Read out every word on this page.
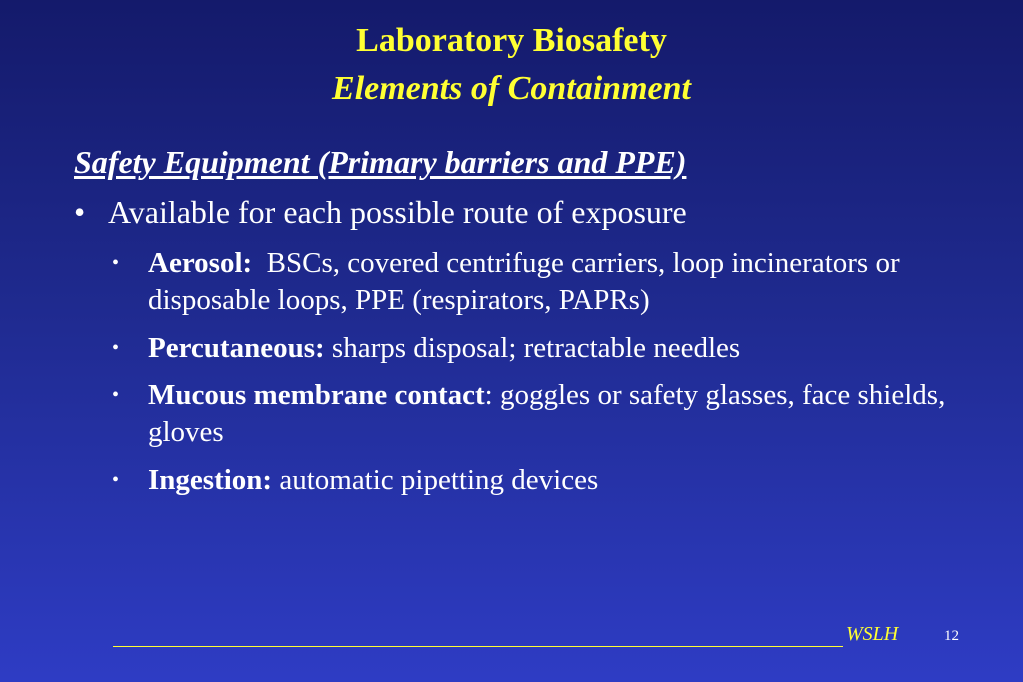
Laboratory Biosafety
Elements of Containment
Safety Equipment (Primary barriers and PPE)
• Available for each possible route of exposure
• Aerosol:  BSCs, covered centrifuge carriers, loop incinerators or disposable loops, PPE (respirators, PAPRs)
• Percutaneous: sharps disposal; retractable needles
• Mucous membrane contact: goggles or safety glasses, face shields, gloves
• Ingestion: automatic pipetting devices
WSLH	12
